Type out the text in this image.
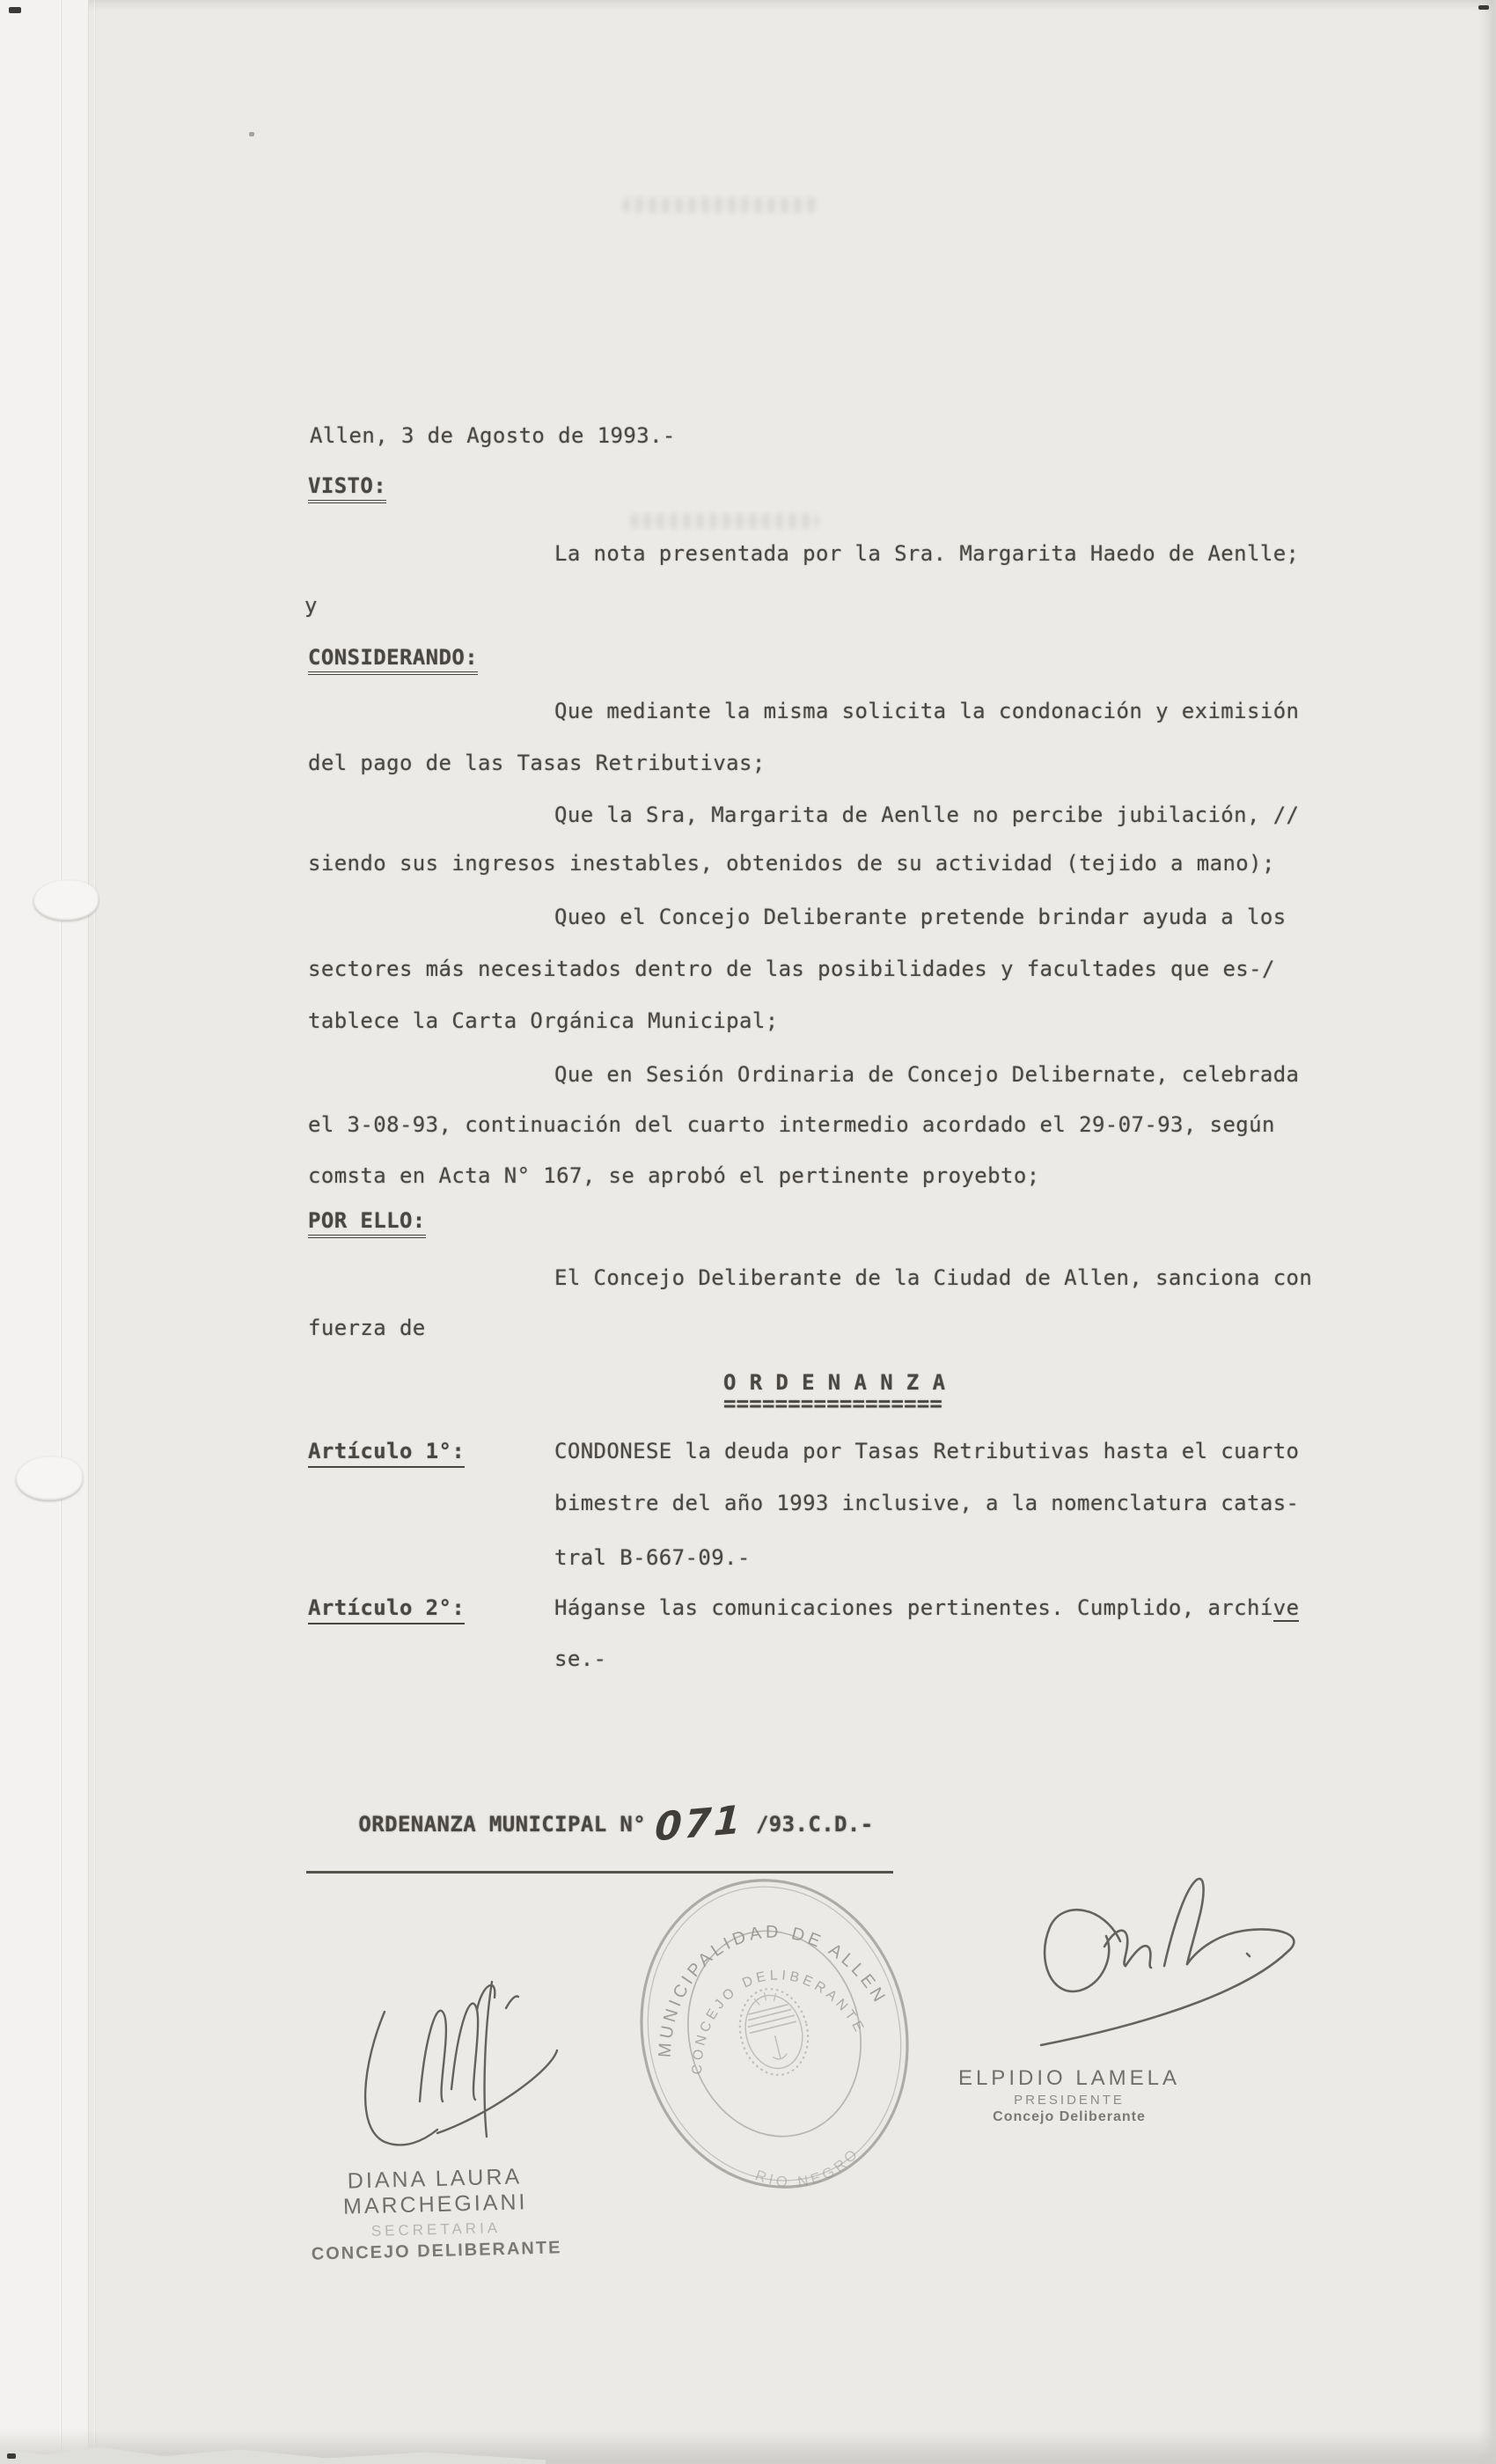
Allen, 3 de Agosto de 1993.-
VISTO:
La nota presentada por la Sra. Margarita Haedo de Aenlle;
y
CONSIDERANDO:
Que mediante la misma solicita la condonación y eximisión
del pago de las Tasas Retributivas;
Que la Sra, Margarita de Aenlle no percibe jubilación, //
siendo sus ingresos inestables, obtenidos de su actividad (tejido a mano);
Queo el Concejo Deliberante pretende brindar ayuda a los
sectores más necesitados dentro de las posibilidades y facultades que es-/
tablece la Carta Orgánica Municipal;
Que en Sesión Ordinaria de Concejo Delibernate, celebrada
el 3-08-93, continuación del cuarto intermedio acordado el 29-07-93, según
comsta en Acta N° 167, se aprobó el pertinente proyebto;
POR ELLO:
El Concejo Deliberante de la Ciudad de Allen, sanciona con
fuerza de
O R D E N A N Z A
=================
Artículo 1°:	CONDONESE la deuda por Tasas Retributivas hasta el cuarto
bimestre del año 1993 inclusive, a la nomenclatura catas-
tral B-667-09.-
Artículo 2°:	Háganse las comunicaciones pertinentes. Cumplido, archíve
se.-

ORDENANZA MUNICIPAL N° 071 /93.C.D.-

MUNICIPALIDAD DE ALLEN
CONCEJO DELIBERANTE
RIO NEGRO
DIANA LAURA MARCHEGIANI
SECRETARIA
CONCEJO DELIBERANTE
ELPIDIO LAMELA
PRESIDENTE
Concejo Deliberante
